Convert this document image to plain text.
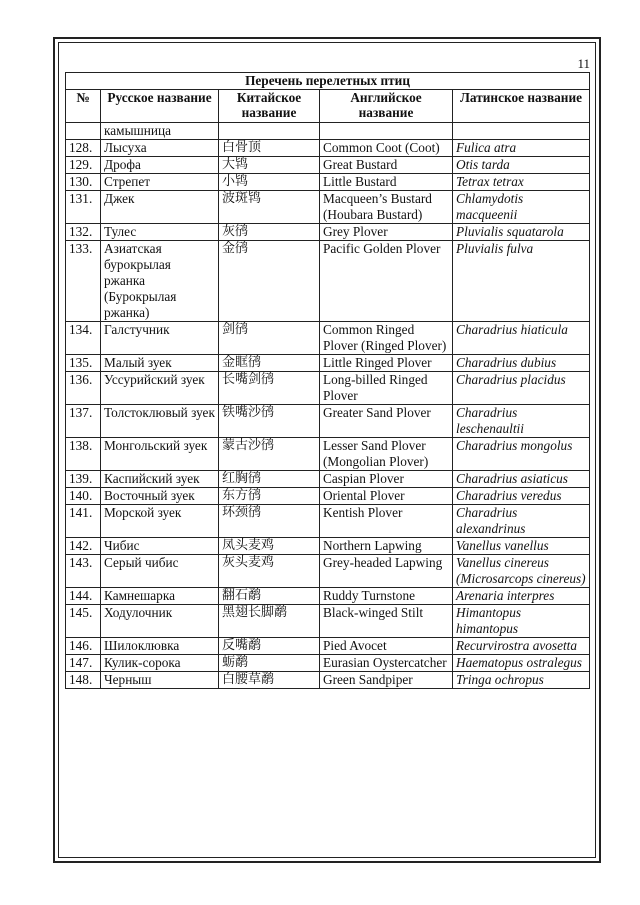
11
Перечень перелетных птиц				
№	Русское название	Китайское название	Английское название	Латинское название
	камышница			
128.	Лысуха	白骨顶	Common Coot (Coot)	Fulica atra
129.	Дрофа	大鸨	Great Bustard	Otis tarda
130.	Стрепет	小鸨	Little Bustard	Tetrax tetrax
131.	Джек	波斑鸨	Macqueen’s Bustard (Houbara Bustard)	Chlamydotis macqueenii
132.	Тулес	灰鸻	Grey Plover	Pluvialis squatarola
133.	Азиатская бурокрылая ржанка (Бурокрылая ржанка)	金鸻	Pacific Golden Plover	Pluvialis fulva
134.	Галстучник	剑鸻	Common Ringed Plover (Ringed Plover)	Charadrius hiaticula
135.	Малый зуек	金眶鸻	Little Ringed Plover	Charadrius dubius
136.	Уссурийский зуек	长嘴剑鸻	Long-billed Ringed Plover	Charadrius placidus
137.	Толстоклювый зуек	铁嘴沙鸻	Greater Sand Plover	Charadrius leschenaultii
138.	Монгольский зуек	蒙古沙鸻	Lesser Sand Plover (Mongolian Plover)	Charadrius mongolus
139.	Каспийский зуек	红胸鸻	Caspian Plover	Charadrius asiaticus
140.	Восточный зуек	东方鸻	Oriental Plover	Charadrius veredus
141.	Морской зуек	环颈鸻	Kentish Plover	Charadrius alexandrinus
142.	Чибис	凤头麦鸡	Northern Lapwing	Vanellus vanellus
143.	Серый чибис	灰头麦鸡	Grey-headed Lapwing	Vanellus cinereus (Microsarcops cinereus)
144.	Камнешарка	翻石鹬	Ruddy Turnstone	Arenaria interpres
145.	Ходулочник	黑翅长脚鹬	Black-winged Stilt	Himantopus himantopus
146.	Шилоклювка	反嘴鹬	Pied Avocet	Recurvirostra avosetta
147.	Кулик-сорока	蛎鹬	Eurasian Oystercatcher	Haematopus ostralegus
148.	Черныш	白腰草鹬	Green Sandpiper	Tringa ochropus
